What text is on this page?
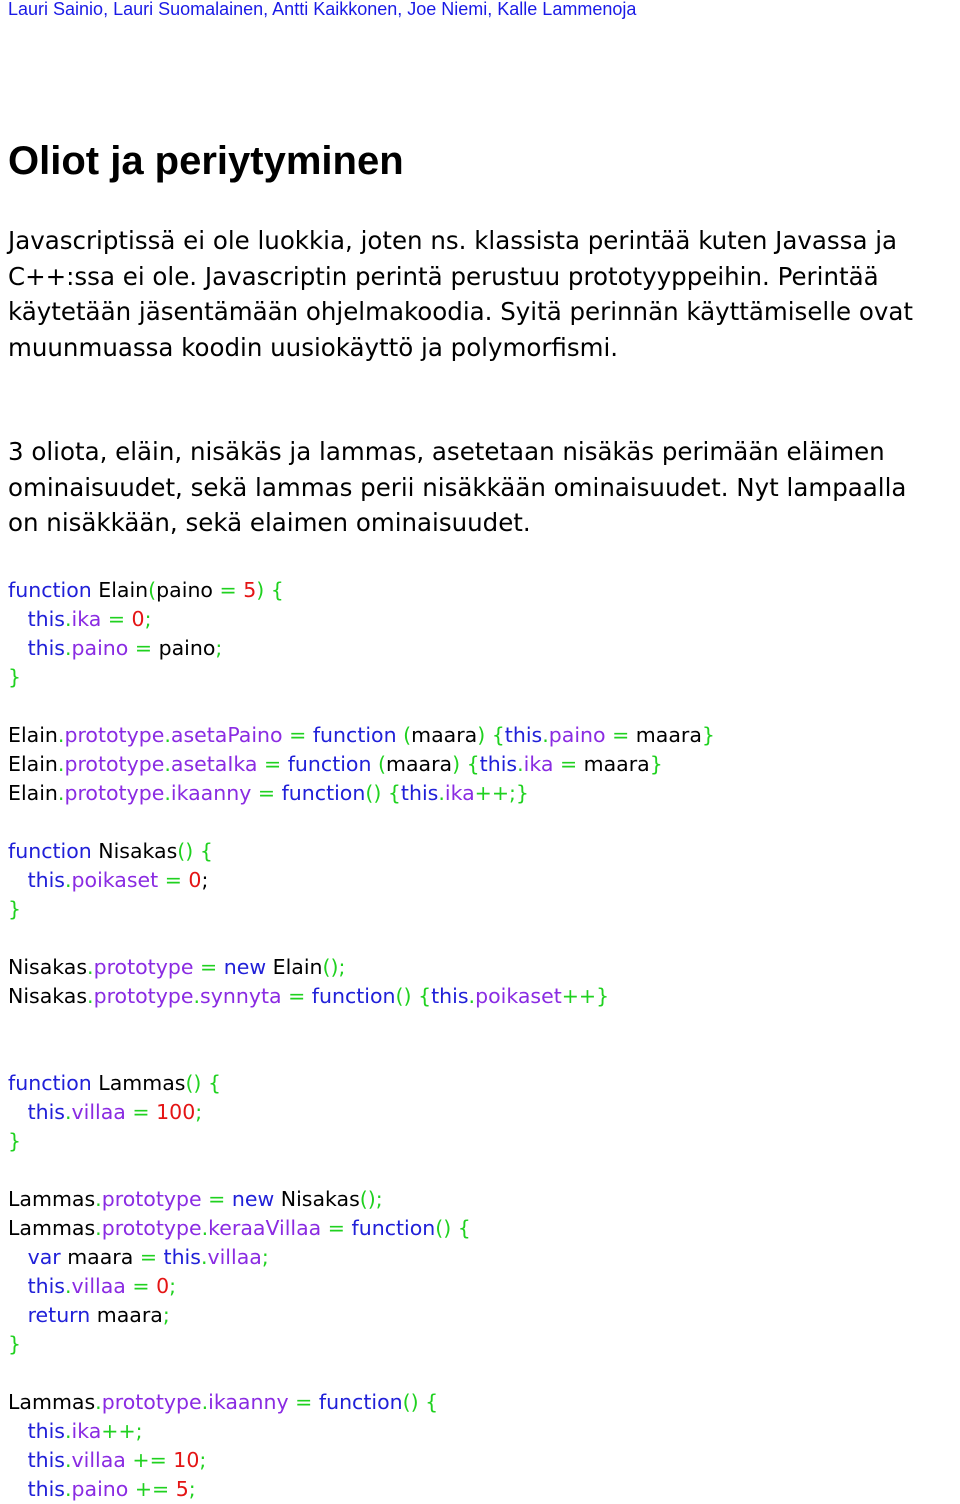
Lauri Sainio, Lauri Suomalainen, Antti Kaikkonen, Joe Niemi, Kalle Lammenoja
Oliot ja periytyminen
Javascriptissä ei ole luokkia, joten ns. klassista perintää kuten Javassa ja
C++:ssa ei ole. Javascriptin perintä perustuu prototyyppeihin. Perintää
käytetään jäsentämään ohjelmakoodia. Syitä perinnän käyttämiselle ovat
muunmuassa koodin uusiokäyttö ja polymorfismi.
3 oliota, eläin, nisäkäs ja lammas, asetetaan nisäkäs perimään eläimen
ominaisuudet, sekä lammas perii nisäkkään ominaisuudet. Nyt lampaalla
on nisäkkään, sekä elaimen ominaisuudet.
function Elain(paino = 5) {
this.ika = 0;
this.paino = paino;
}
Elain.prototype.asetaPaino = function (maara) {this.paino = maara}
Elain.prototype.asetaIka = function (maara) {this.ika = maara}
Elain.prototype.ikaanny = function() {this.ika++;}
function Nisakas() {
this.poikaset = 0;
}
Nisakas.prototype = new Elain();
Nisakas.prototype.synnyta = function() {this.poikaset++}
function Lammas() {
this.villaa = 100;
}
Lammas.prototype = new Nisakas();
Lammas.prototype.keraaVillaa = function() {
var maara = this.villaa;
this.villaa = 0;
return maara;
}
Lammas.prototype.ikaanny = function() {
this.ika++;
this.villaa += 10;
this.paino += 5;
